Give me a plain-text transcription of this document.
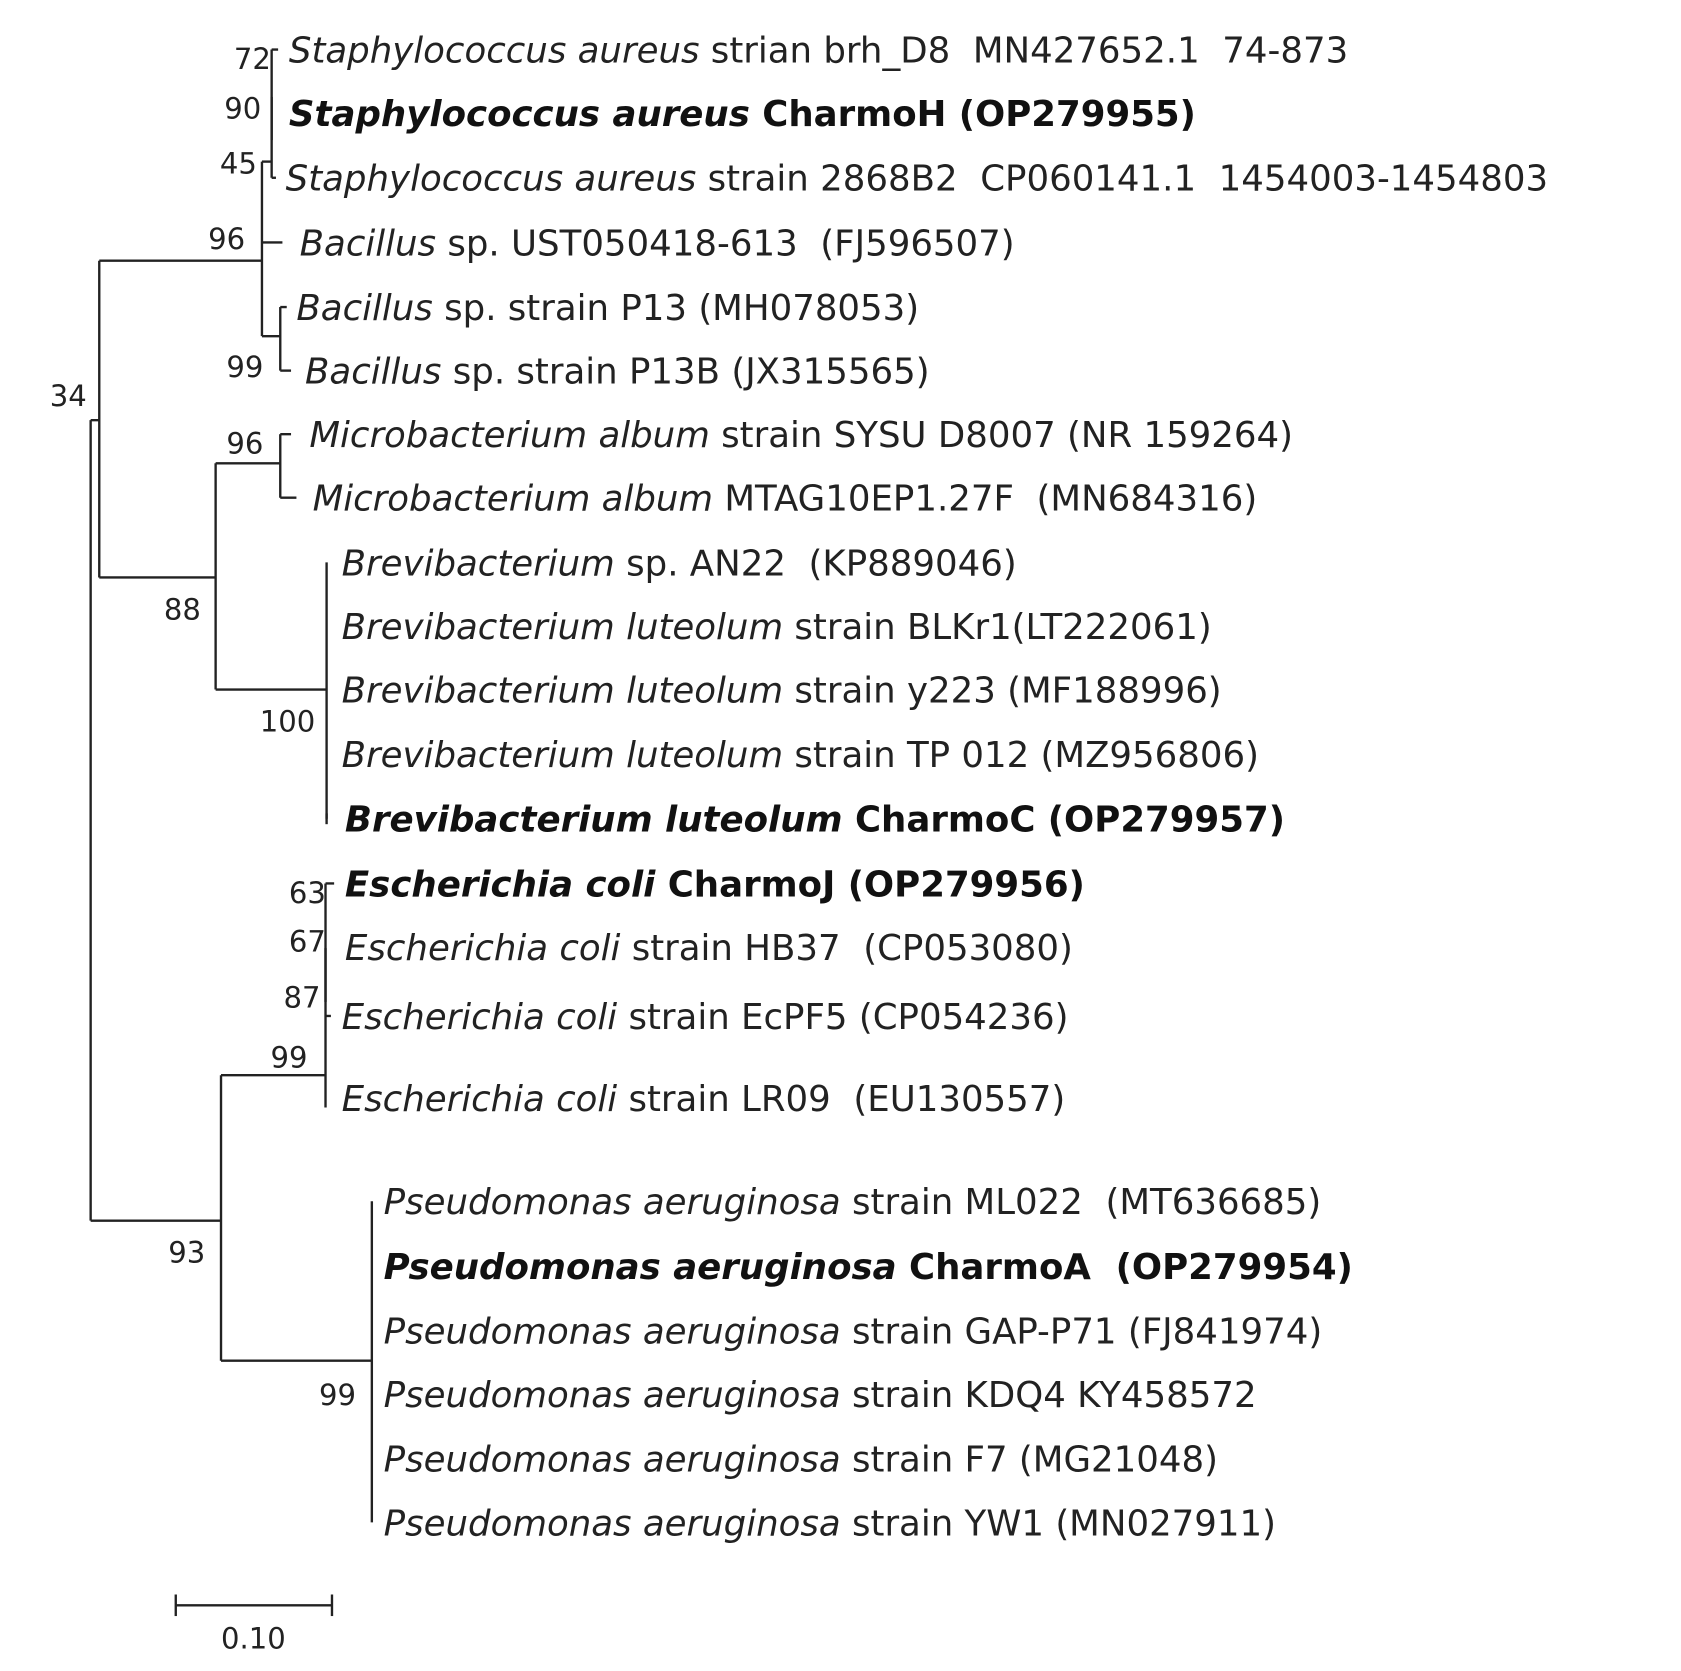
Staphylococcus aureus strian brh_D8  MN427652.1  74-873
Staphylococcus aureus CharmoH (OP279955)
Staphylococcus aureus strain 2868B2  CP060141.1  1454003-1454803
Bacillus sp. UST050418-613  (FJ596507)
Bacillus sp. strain P13 (MH078053)
Bacillus sp. strain P13B (JX315565)
Microbacterium album strain SYSU D8007 (NR 159264)
Microbacterium album MTAG10EP1.27F  (MN684316)
Brevibacterium sp. AN22  (KP889046)
Brevibacterium luteolum strain BLKr1(LT222061)
Brevibacterium luteolum strain y223 (MF188996)
Brevibacterium luteolum strain TP 012 (MZ956806)
Brevibacterium luteolum CharmoC (OP279957)
Escherichia coli CharmoJ (OP279956)
Escherichia coli strain HB37  (CP053080)
Escherichia coli strain EcPF5 (CP054236)
Escherichia coli strain LR09  (EU130557)
Pseudomonas aeruginosa strain ML022  (MT636685)
Pseudomonas aeruginosa CharmoA  (OP279954)
Pseudomonas aeruginosa strain GAP-P71 (FJ841974)
Pseudomonas aeruginosa strain KDQ4 KY458572
Pseudomonas aeruginosa strain F7 (MG21048)
Pseudomonas aeruginosa strain YW1 (MN027911)
72
90
45
96
99
34
96
88
100
63
67
87
99
93
99
0.10
